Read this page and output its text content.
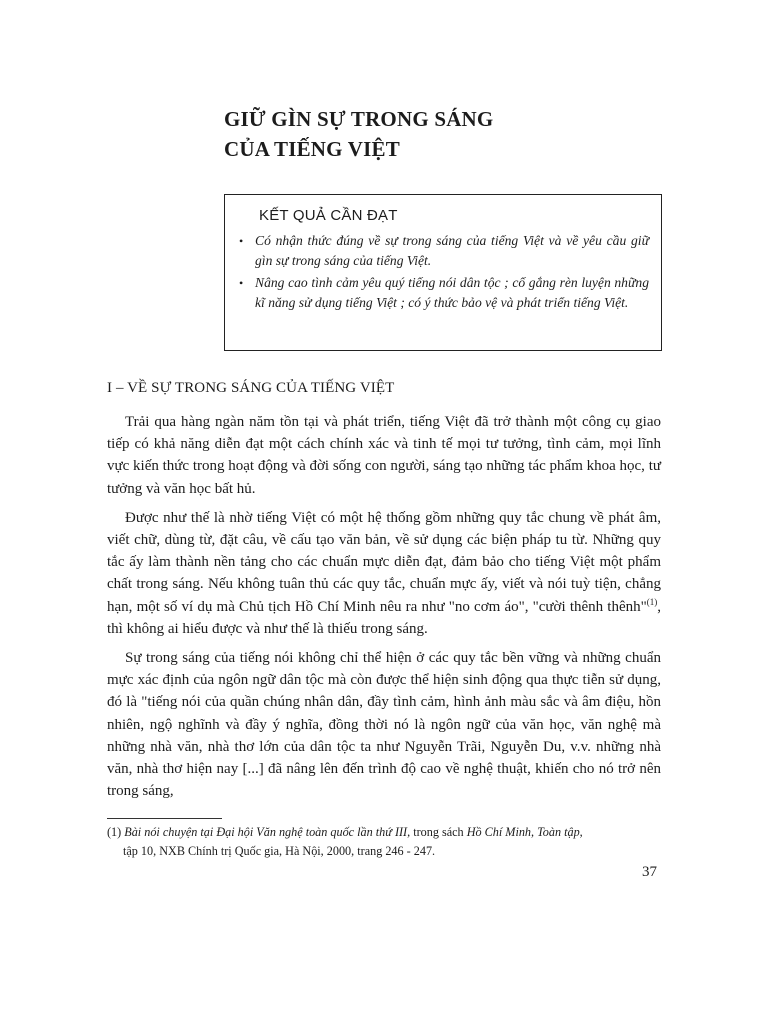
GIỮ GÌN SỰ TRONG SÁNG
CỦA TIẾNG VIỆT
KẾT QUẢ CẦN ĐẠT
• Có nhận thức đúng về sự trong sáng của tiếng Việt và về yêu cầu giữ gìn sự trong sáng của tiếng Việt.
• Nâng cao tình cảm yêu quý tiếng nói dân tộc ; cố gắng rèn luyện những kĩ năng sử dụng tiếng Việt ; có ý thức bảo vệ và phát triển tiếng Việt.
I – VỀ SỰ TRONG SÁNG CỦA TIẾNG VIỆT

Trải qua hàng ngàn năm tồn tại và phát triển, tiếng Việt đã trở thành một công cụ giao tiếp có khả năng diễn đạt một cách chính xác và tinh tế mọi tư tưởng, tình cảm, mọi lĩnh vực kiến thức trong hoạt động và đời sống con người, sáng tạo những tác phẩm khoa học, tư tưởng và văn học bất hủ.

Được như thế là nhờ tiếng Việt có một hệ thống gồm những quy tắc chung về phát âm, viết chữ, dùng từ, đặt câu, về cấu tạo văn bản, về sử dụng các biện pháp tu từ. Những quy tắc ấy làm thành nền tảng cho các chuẩn mực diễn đạt, đảm bảo cho tiếng Việt một phẩm chất trong sáng. Nếu không tuân thủ các quy tắc, chuẩn mực ấy, viết và nói tuỳ tiện, chẳng hạn, một số ví dụ mà Chủ tịch Hồ Chí Minh nêu ra như "no cơm áo", "cười thênh thênh"$^{(1)}$, thì không ai hiểu được và như thế là thiếu trong sáng.

Sự trong sáng của tiếng nói không chỉ thể hiện ở các quy tắc bền vững và những chuẩn mực xác định của ngôn ngữ dân tộc mà còn được thể hiện sinh động qua thực tiễn sử dụng, đó là "tiếng nói của quần chúng nhân dân, đầy tình cảm, hình ảnh màu sắc và âm điệu, hồn nhiên, ngộ nghĩnh và đầy ý nghĩa, đồng thời nó là ngôn ngữ của văn học, văn nghệ mà những nhà văn, nhà thơ lớn của dân tộc ta như Nguyễn Trãi, Nguyễn Du, v.v. những nhà văn, nhà thơ hiện nay [...] đã nâng lên đến trình độ cao về nghệ thuật, khiến cho nó trở nên trong sáng,

(1) Bài nói chuyện tại Đại hội Văn nghệ toàn quốc lần thứ III, trong sách Hồ Chí Minh, Toàn tập,
tập 10, NXB Chính trị Quốc gia, Hà Nội, 2000, trang 246 - 247.
37
